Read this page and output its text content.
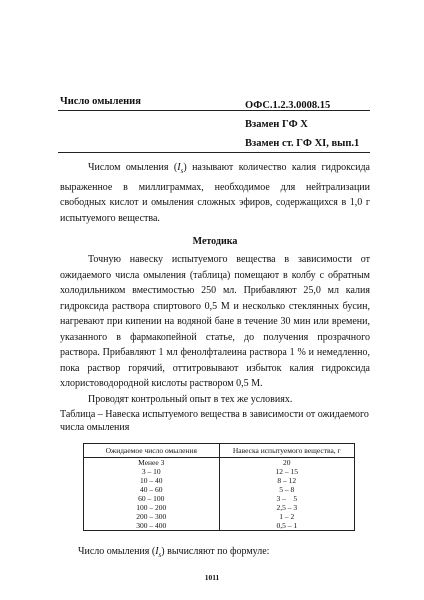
Число омыления	ОФС.1.2.3.0008.15
Взамен ГФ X
Взамен ст. ГФ XI, вып.1
Числом омыления $(I_s)$ называют количество калия гидроксида выраженное в миллиграммах, необходимое для нейтрализации свободных кислот и омыления сложных эфиров, содержащихся в 1,0 г испытуемого вещества.
Методика
Точную навеску испытуемого вещества в зависимости от ожидаемого числа омыления (таблица) помещают в колбу с обратным холодильником вместимостью 250 мл. Прибавляют 25,0 мл калия гидроксида раствора спиртового 0,5 М и несколько стеклянных бусин, нагревают при кипении на водяной бане в течение 30 мин или времени, указанного в фармакопейной статье, до получения прозрачного раствора. Прибавляют 1 мл фенолфталеина раствора 1 % и немедленно, пока раствор горячий, оттитровывают избыток калия гидроксида хлористоводородной кислоты раствором 0,5 М.
Проводят контрольный опыт в тех же условиях.
Таблица – Навеска испытуемого вещества в зависимости от ожидаемого числа омыления
Ожидаемое число омыления	Навеска испытуемого вещества, г
Менее 3	20
3 – 10	12 – 15
10 – 40	8 – 12
40 – 60	5 – 8
60 – 100	3 –    5
100 – 200	2,5 – 3
200 – 300	1 – 2
300 – 400	0,5 – 1
Число омыления $(I_s)$ вычисляют по формуле:
1011
